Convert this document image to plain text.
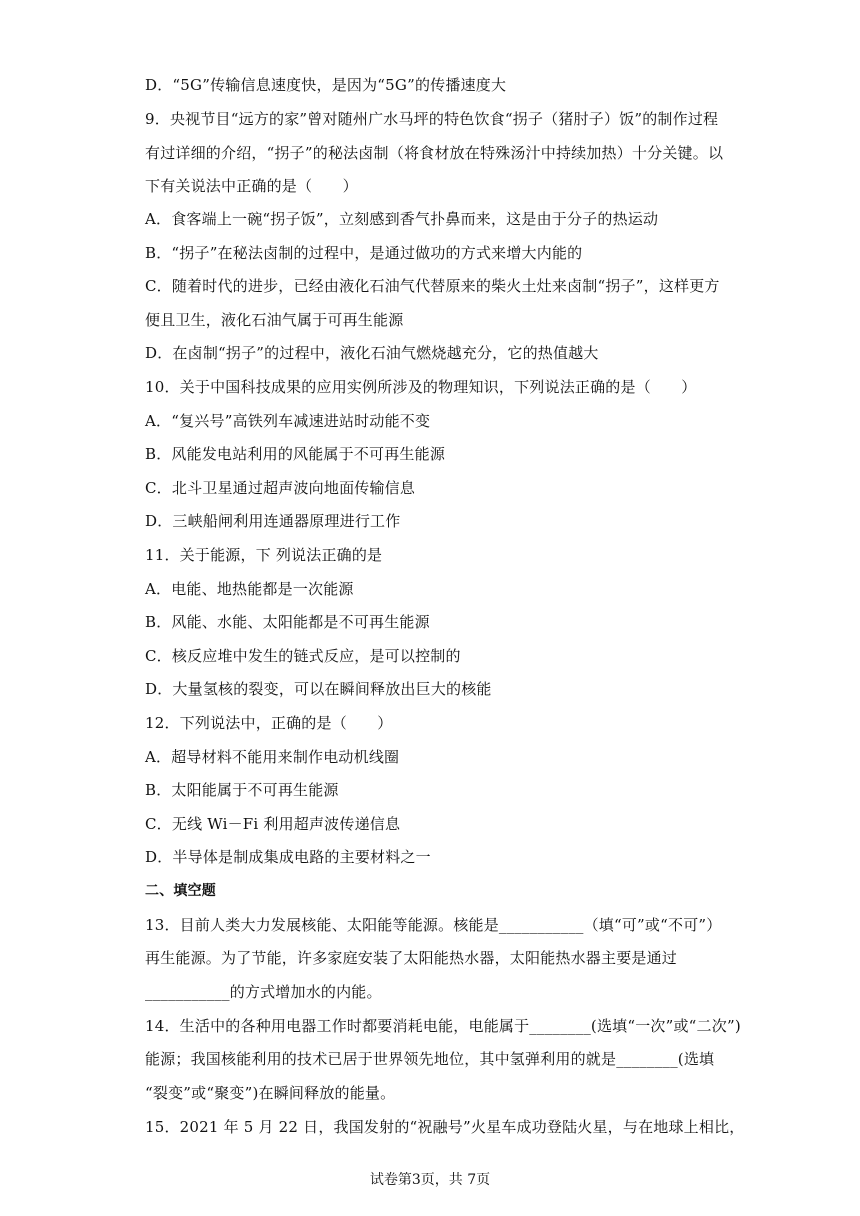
D．“5G”传输信息速度快，是因为“5G”的传播速度大
9．央视节目“远方的家”曾对随州广水马坪的特色饮食“拐子（猪肘子）饭”的制作过程
有过详细的介绍，“拐子”的秘法卤制（将食材放在特殊汤汁中持续加热）十分关键。以
下有关说法中正确的是（　　）
A．食客端上一碗“拐子饭”，立刻感到香气扑鼻而来，这是由于分子的热运动
B．“拐子”在秘法卤制的过程中，是通过做功的方式来增大内能的
C．随着时代的进步，已经由液化石油气代替原来的柴火土灶来卤制“拐子”，这样更方
便且卫生，液化石油气属于可再生能源
D．在卤制“拐子”的过程中，液化石油气燃烧越充分，它的热值越大
10．关于中国科技成果的应用实例所涉及的物理知识，下列说法正确的是（　　）
A．“复兴号”高铁列车减速进站时动能不变
B．风能发电站利用的风能属于不可再生能源
C．北斗卫星通过超声波向地面传输信息
D．三峡船闸利用连通器原理进行工作
11．关于能源，下 列说法正确的是
A．电能、地热能都是一次能源
B．风能、水能、太阳能都是不可再生能源
C．核反应堆中发生的链式反应，是可以控制的
D．大量氢核的裂变，可以在瞬间释放出巨大的核能
12．下列说法中，正确的是（　　）
A．超导材料不能用来制作电动机线圈
B．太阳能属于不可再生能源
C．无线 Wi－Fi 利用超声波传递信息
D．半导体是制成集成电路的主要材料之一
二、填空题
13．目前人类大力发展核能、太阳能等能源。核能是___________（填“可”或“不可”）
再生能源。为了节能，许多家庭安装了太阳能热水器，太阳能热水器主要是通过
___________的方式增加水的内能。
14．生活中的各种用电器工作时都要消耗电能，电能属于________(选填“一次”或“二次”)
能源；我国核能利用的技术已居于世界领先地位，其中氢弹利用的就是________(选填
“裂变”或“聚变”)在瞬间释放的能量。
15．2021 年 5 月 22 日，我国发射的“祝融号”火星车成功登陆火星，与在地球上相比，
试卷第3页，共 7页
